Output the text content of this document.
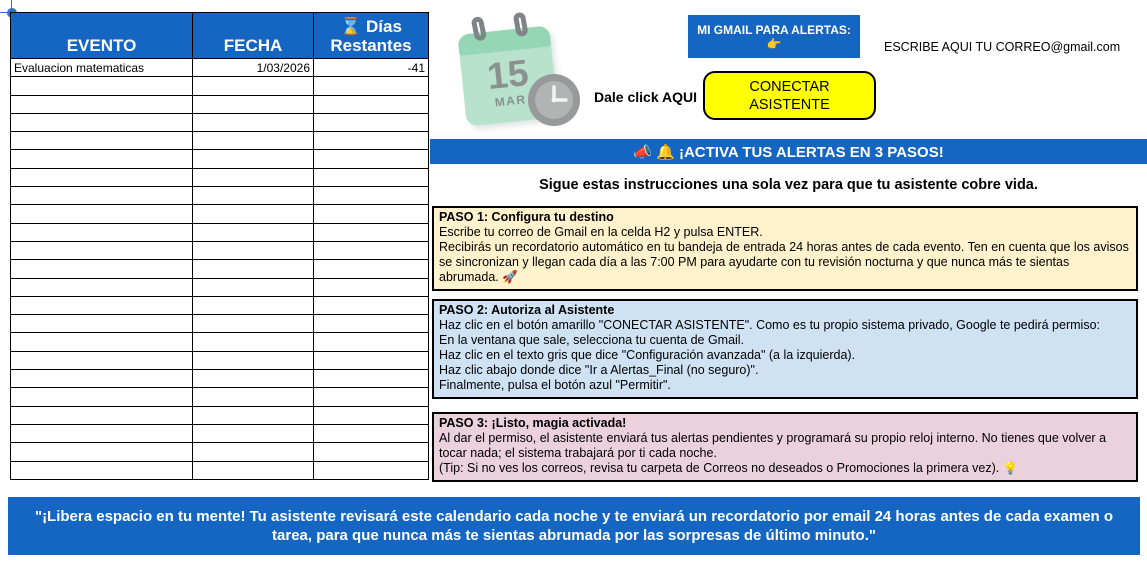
EVENTO	FECHA	⌛ Días Restantes
Evaluacion matematicas	1/03/2026	-41

			15
MAR
MI GMAIL PARA ALERTAS: 👉	ESCRIBE AQUI TU CORREO@gmail.com
Dale click AQUI
CONECTAR ASISTENTE
📣 🔔 ¡ACTIVA TUS ALERTAS EN 3 PASOS!
Sigue estas instrucciones una sola vez para que tu asistente cobre vida.
PASO 1: Configura tu destino
Escribe tu correo de Gmail en la celda H2 y pulsa ENTER.
Recibirás un recordatorio automático en tu bandeja de entrada 24 horas antes de cada evento. Ten en cuenta que los avisos se sincronizan y llegan cada día a las 7:00 PM para ayudarte con tu revisión nocturna y que nunca más te sientas abrumada. 🚀
PASO 2: Autoriza al Asistente
Haz clic en el botón amarillo "CONECTAR ASISTENTE". Como es tu propio sistema privado, Google te pedirá permiso:
En la ventana que sale, selecciona tu cuenta de Gmail.
Haz clic en el texto gris que dice "Configuración avanzada" (a la izquierda).
Haz clic abajo donde dice "Ir a Alertas_Final (no seguro)".
Finalmente, pulsa el botón azul "Permitir".
PASO 3: ¡Listo, magia activada!
Al dar el permiso, el asistente enviará tus alertas pendientes y programará su propio reloj interno. No tienes que volver a tocar nada; el sistema trabajará por ti cada noche.
(Tip: Si no ves los correos, revisa tu carpeta de Correos no deseados o Promociones la primera vez). 💡
"¡Libera espacio en tu mente! Tu asistente revisará este calendario cada noche y te enviará un recordatorio por email 24 horas antes de cada examen o tarea, para que nunca más te sientas abrumada por las sorpresas de último minuto."
